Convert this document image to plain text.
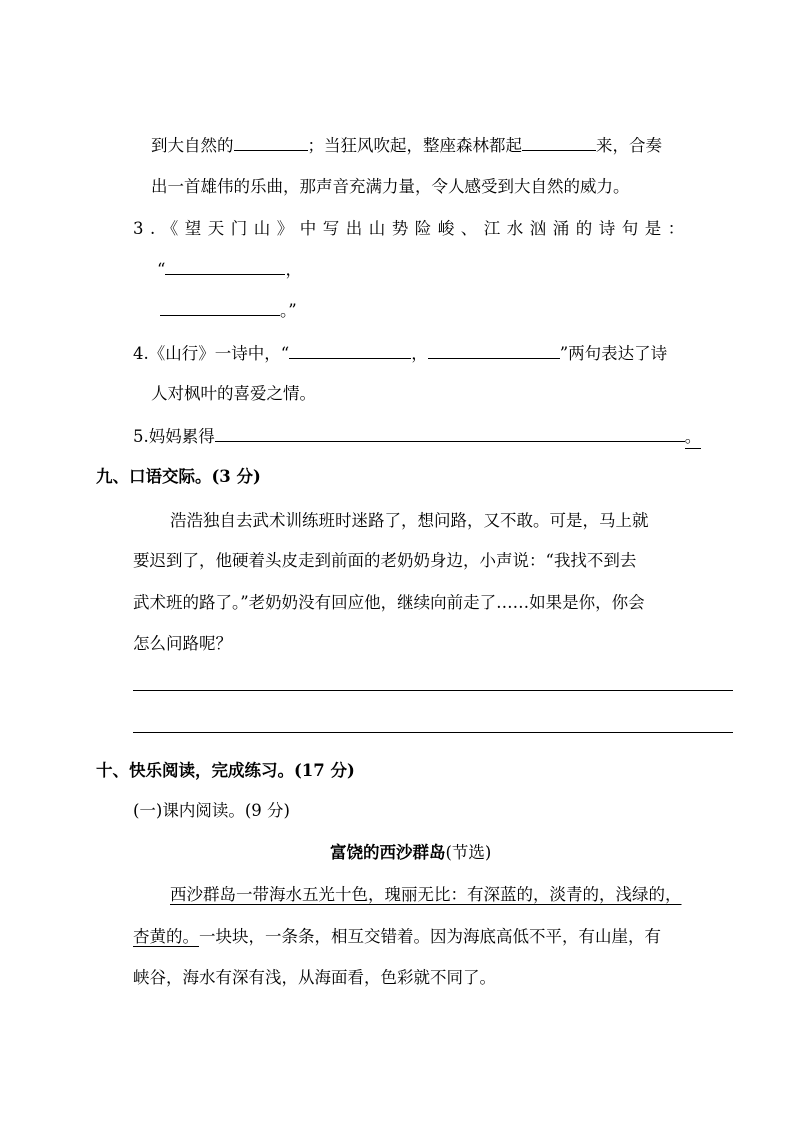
到大自然的	；当狂风吹起，整座森林都起	来，合奏
出一首雄伟的乐曲，那声音充满力量，令人感受到大自然的威力。
3.《望天门山》中写出山势险峻、江水汹涌的诗句是：
“	，
。”
4.《山行》一诗中，“	，	”两句表达了诗
人对枫叶的喜爱之情。
5.妈妈累得	。
九、口语交际。(3 分)
浩浩独自去武术训练班时迷路了，想问路，又不敢。可是，马上就
要迟到了，他硬着头皮走到前面的老奶奶身边，小声说：“我找不到去
武术班的路了。”老奶奶没有回应他，继续向前走了……如果是你，你会
怎么问路呢？
十、快乐阅读，完成练习。(17 分)
(一)课内阅读。(9 分)
富饶的西沙群岛(节选)
西沙群岛一带海水五光十色，瑰丽无比：有深蓝的，淡青的，浅绿的，
杏黄的。一块块，一条条，相互交错着。因为海底高低不平，有山崖，有
峡谷，海水有深有浅，从海面看，色彩就不同了。
